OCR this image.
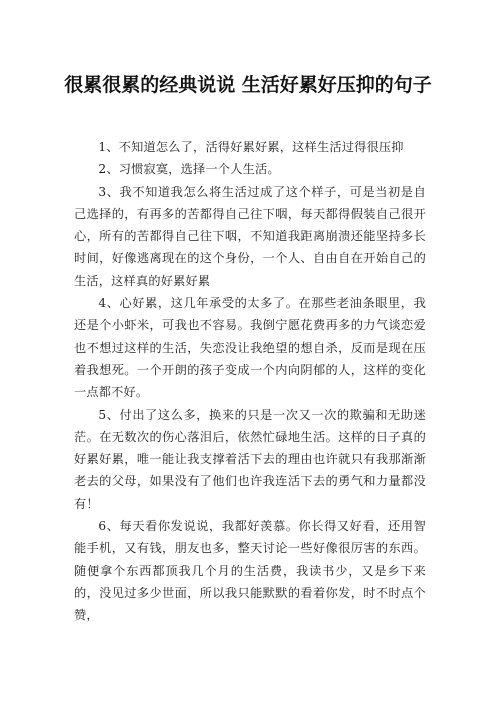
很累很累的经典说说 生活好累好压抑的句子

1、不知道怎么了，活得好累好累，这样生活过得很压抑

2、习惯寂寞，选择一个人生活。

3、我不知道我怎么将生活过成了这个样子，可是当初是自己选择的，有再多的苦都得自己往下咽，每天都得假装自己很开心，所有的苦都得自己往下咽，不知道我距离崩溃还能坚持多长时间，好像逃离现在的这个身份，一个人、自由自在开始自己的生活，这样真的好累好累

4、心好累，这几年承受的太多了。在那些老油条眼里，我还是个小虾米，可我也不容易。我倒宁愿花费再多的力气谈恋爱也不想过这样的生活，失恋没让我绝望的想自杀，反而是现在压着我想死。一个开朗的孩子变成一个内向阴郁的人，这样的变化一点都不好。

5、付出了这么多，换来的只是一次又一次的欺骗和无助迷茫。在无数次的伤心落泪后，依然忙碌地生活。这样的日子真的好累好累，唯一能让我支撑着活下去的理由也许就只有我那渐渐老去的父母，如果没有了他们也许我连活下去的勇气和力量都没有！

6、每天看你发说说，我都好羡慕。你长得又好看，还用智能手机，又有钱，朋友也多，整天讨论一些好像很厉害的东西。随便拿个东西都顶我几个月的生活费，我读书少，又是乡下来的，没见过多少世面，所以我只能默默的看着你发，时不时点个赞，
